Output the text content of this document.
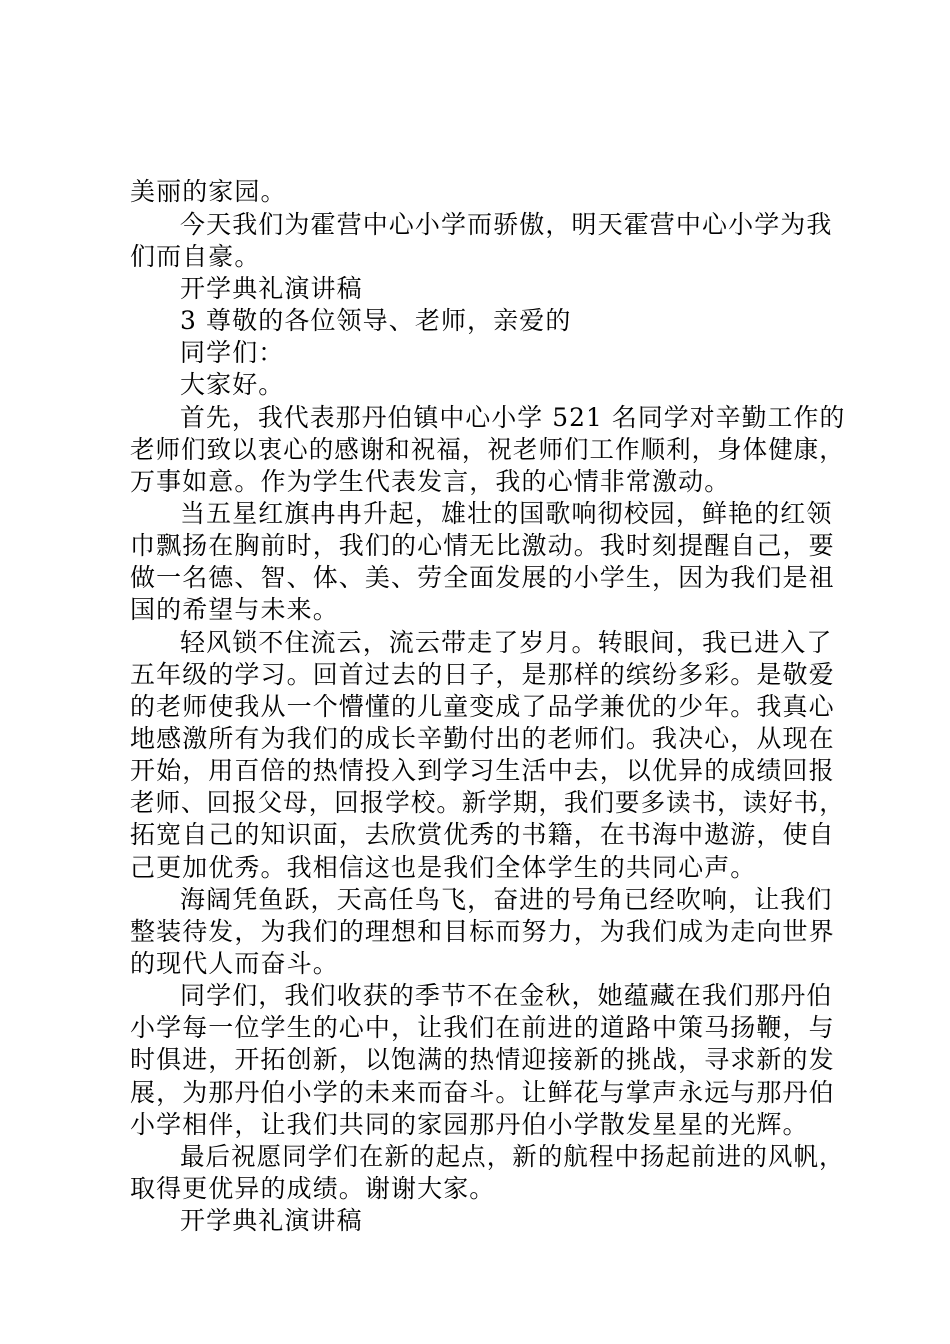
美丽的家园。
今天我们为霍营中心小学而骄傲，明天霍营中心小学为我
们而自豪。
开学典礼演讲稿
3 尊敬的各位领导、老师，亲爱的
同学们：
大家好。
首先，我代表那丹伯镇中心小学 521 名同学对辛勤工作的
老师们致以衷心的感谢和祝福，祝老师们工作顺利，身体健康，
万事如意。作为学生代表发言，我的心情非常激动。
当五星红旗冉冉升起，雄壮的国歌响彻校园，鲜艳的红领
巾飘扬在胸前时，我们的心情无比激动。我时刻提醒自己，要
做一名德、智、体、美、劳全面发展的小学生，因为我们是祖
国的希望与未来。
轻风锁不住流云，流云带走了岁月。转眼间，我已进入了
五年级的学习。回首过去的日子，是那样的缤纷多彩。是敬爱
的老师使我从一个懵懂的儿童变成了品学兼优的少年。我真心
地感激所有为我们的成长辛勤付出的老师们。我决心，从现在
开始，用百倍的热情投入到学习生活中去，以优异的成绩回报
老师、回报父母，回报学校。新学期，我们要多读书，读好书，
拓宽自己的知识面，去欣赏优秀的书籍，在书海中遨游，使自
己更加优秀。我相信这也是我们全体学生的共同心声。
海阔凭鱼跃，天高任鸟飞，奋进的号角已经吹响，让我们
整装待发，为我们的理想和目标而努力，为我们成为走向世界
的现代人而奋斗。
同学们，我们收获的季节不在金秋，她蕴藏在我们那丹伯
小学每一位学生的心中，让我们在前进的道路中策马扬鞭，与
时俱进，开拓创新，以饱满的热情迎接新的挑战，寻求新的发
展，为那丹伯小学的未来而奋斗。让鲜花与掌声永远与那丹伯
小学相伴，让我们共同的家园那丹伯小学散发星星的光辉。
最后祝愿同学们在新的起点，新的航程中扬起前进的风帆，
取得更优异的成绩。谢谢大家。
开学典礼演讲稿
